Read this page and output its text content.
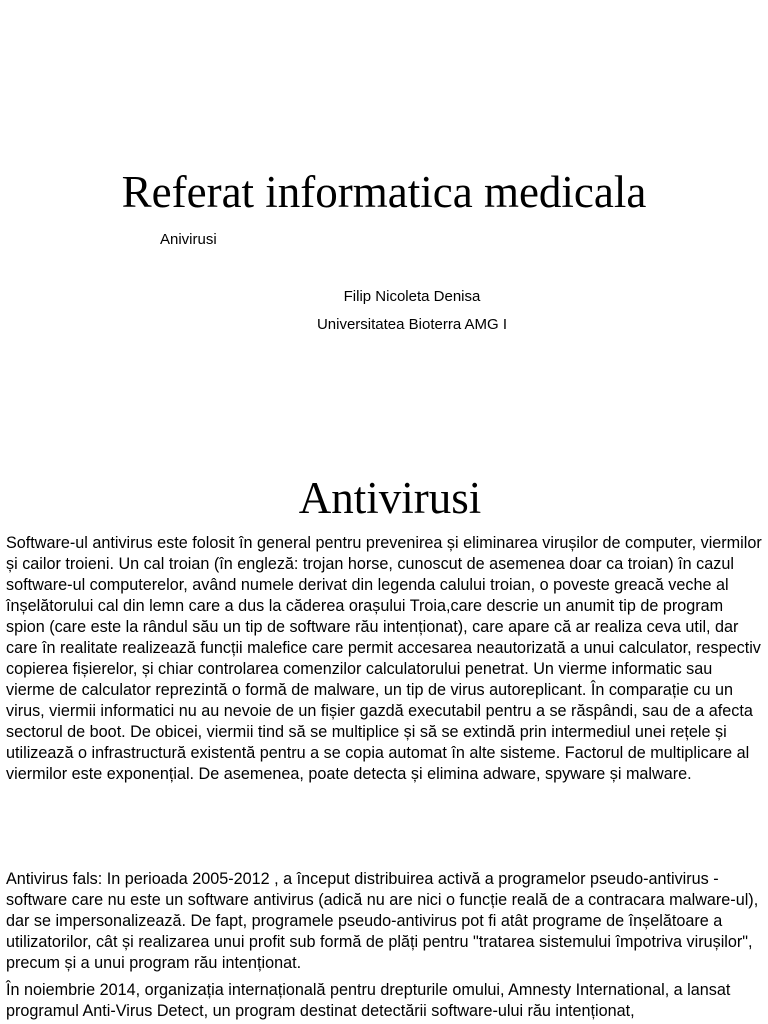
Referat informatica medicala
Anivirusi
Filip Nicoleta Denisa
Universitatea Bioterra AMG I
Antivirusi

Software-ul antivirus este folosit în general pentru prevenirea și eliminarea virușilor de computer, viermilor și cailor troieni. Un cal troian (în engleză: trojan horse, cunoscut de asemenea doar ca troian) în cazul software-ul computerelor, având numele derivat din legenda calului troian, o poveste greacă veche al înșelătorului cal din lemn care a dus la căderea orașului Troia,care descrie un anumit tip de program spion (care este la rândul său un tip de software rău intenționat), care apare că ar realiza ceva util, dar care în realitate realizează funcții malefice care permit accesarea neautorizată a unui calculator, respectiv copierea fișierelor, și chiar controlarea comenzilor calculatorului penetrat. Un vierme informatic sau vierme de calculator reprezintă o formă de malware, un tip de virus autoreplicant. În comparație cu un virus, viermii informatici nu au nevoie de un fișier gazdă executabil pentru a se răspândi, sau de a afecta sectorul de boot. De obicei, viermii tind să se multiplice și să se extindă prin intermediul unei rețele și utilizează o infrastructură existentă pentru a se copia automat în alte sisteme. Factorul de multiplicare al viermilor este exponențial. De asemenea, poate detecta și elimina adware, spyware și malware.

Antivirus fals: In perioada 2005-2012 , a început distribuirea activă a programelor pseudo-antivirus - software care nu este un software antivirus (adică nu are nici o funcție reală de a contracara malware-ul), dar se impersonalizează. De fapt, programele pseudo-antivirus pot fi atât programe de înșelătoare a utilizatorilor, cât și realizarea unui profit sub formă de plăți pentru "tratarea sistemului împotriva virușilor", precum și a unui program rău intenționat.

În noiembrie 2014, organizația internațională pentru drepturile omului, Amnesty International, a lansat programul Anti-Virus Detect, un program destinat detectării software-ului rău intenționat,
